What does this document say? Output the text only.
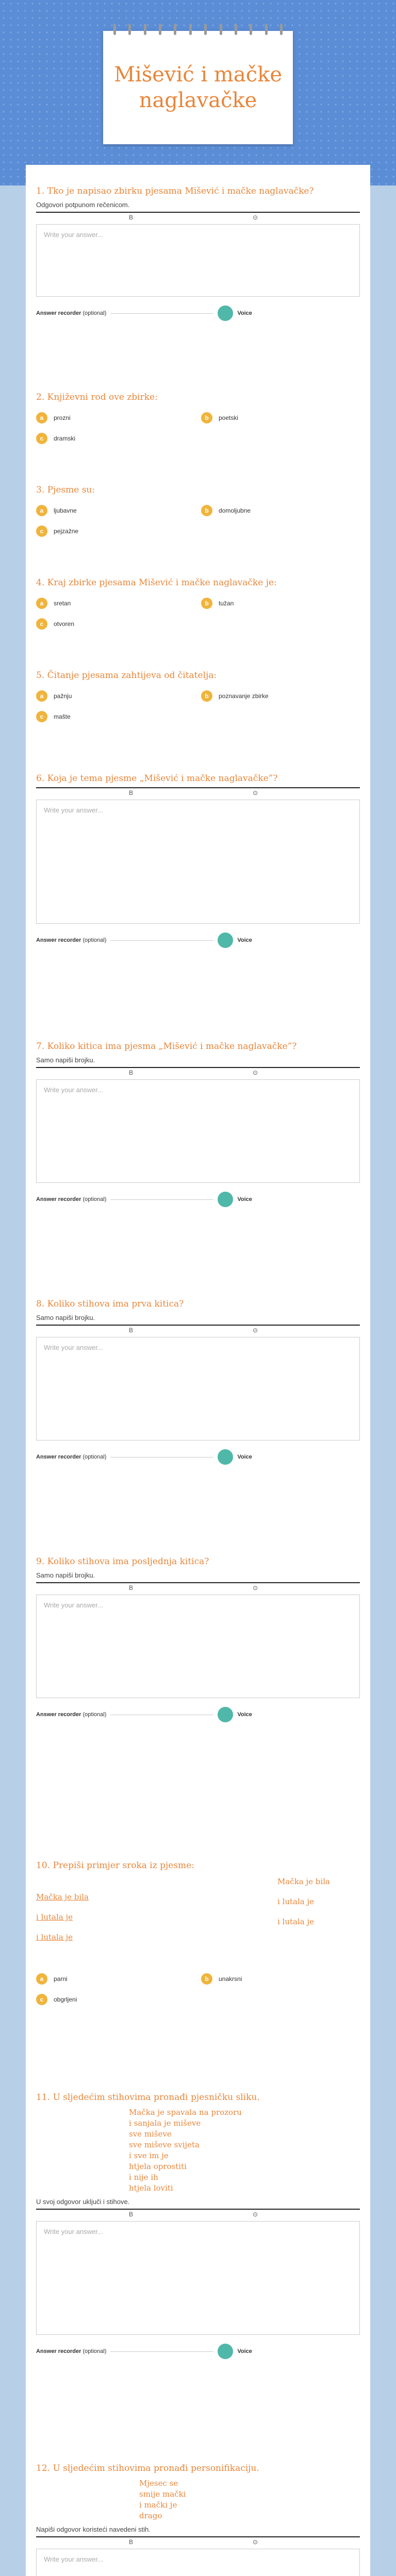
Mišević i mačke naglavačke
1. Tko je napisao zbirku pjesama Mišević i mačke naglavačke?
Odgovori potpunom rečenicom.
B	⊙
Write your answer...
Answer recorder
(optional)	Voice
2. Književni rod ove zbirke:
a	prozni	b	poetski
c	dramski
3. Pjesme su:
a	ljubavne	b	domoljubne
c	pejzažne
4. Kraj zbirke pjesama Mišević i mačke naglavačke je:
a	sretan	b	tužan
c	otvoren
5. Čitanje pjesama zahtijeva od čitatelja:
a	pažnju	b	poznavanje zbirke
c	mašte
6. Koja je tema pjesme „Mišević i mačke naglavačke”?
B	⊙
Write your answer...
Answer recorder
(optional)	Voice
7. Koliko kitica ima pjesma „Mišević i mačke naglavačke”?
Samo napiši brojku.
B	⊙
Write your answer...
Answer recorder
(optional)	Voice
8. Koliko stihova ima prva kitica?
Samo napiši brojku.
B	⊙
Write your answer...
Answer recorder
(optional)	Voice
9. Koliko stihova ima posljednja kitica?
Samo napiši brojku.
B	⊙
Write your answer...
Answer recorder
(optional)	Voice
10. Prepiši primjer sroka iz pjesme:
Mačka je bila
i lutala je
i lutala je
Mačka je bila
i lutala je
i lutala je
a	parni	b	unakrsni
c	obgrljeni
11. U sljedećim stihovima pronađi pjesničku sliku.
Mačka je spavala na prozoru
i sanjala je miševe
sve miševe
sve miševe svijeta
i sve im je
htjela oprostiti
i nije ih
htjela loviti
U svoj odgovor uključi i stihove.
B	⊙
Write your answer...
Answer recorder
(optional)	Voice
12. U sljedećim stihovima pronađi personifikaciju.
Mjesec se
smije mački
i mački je
drago
Napiši odgovor koristeći navedeni stih.
B	⊙
Write your answer...
